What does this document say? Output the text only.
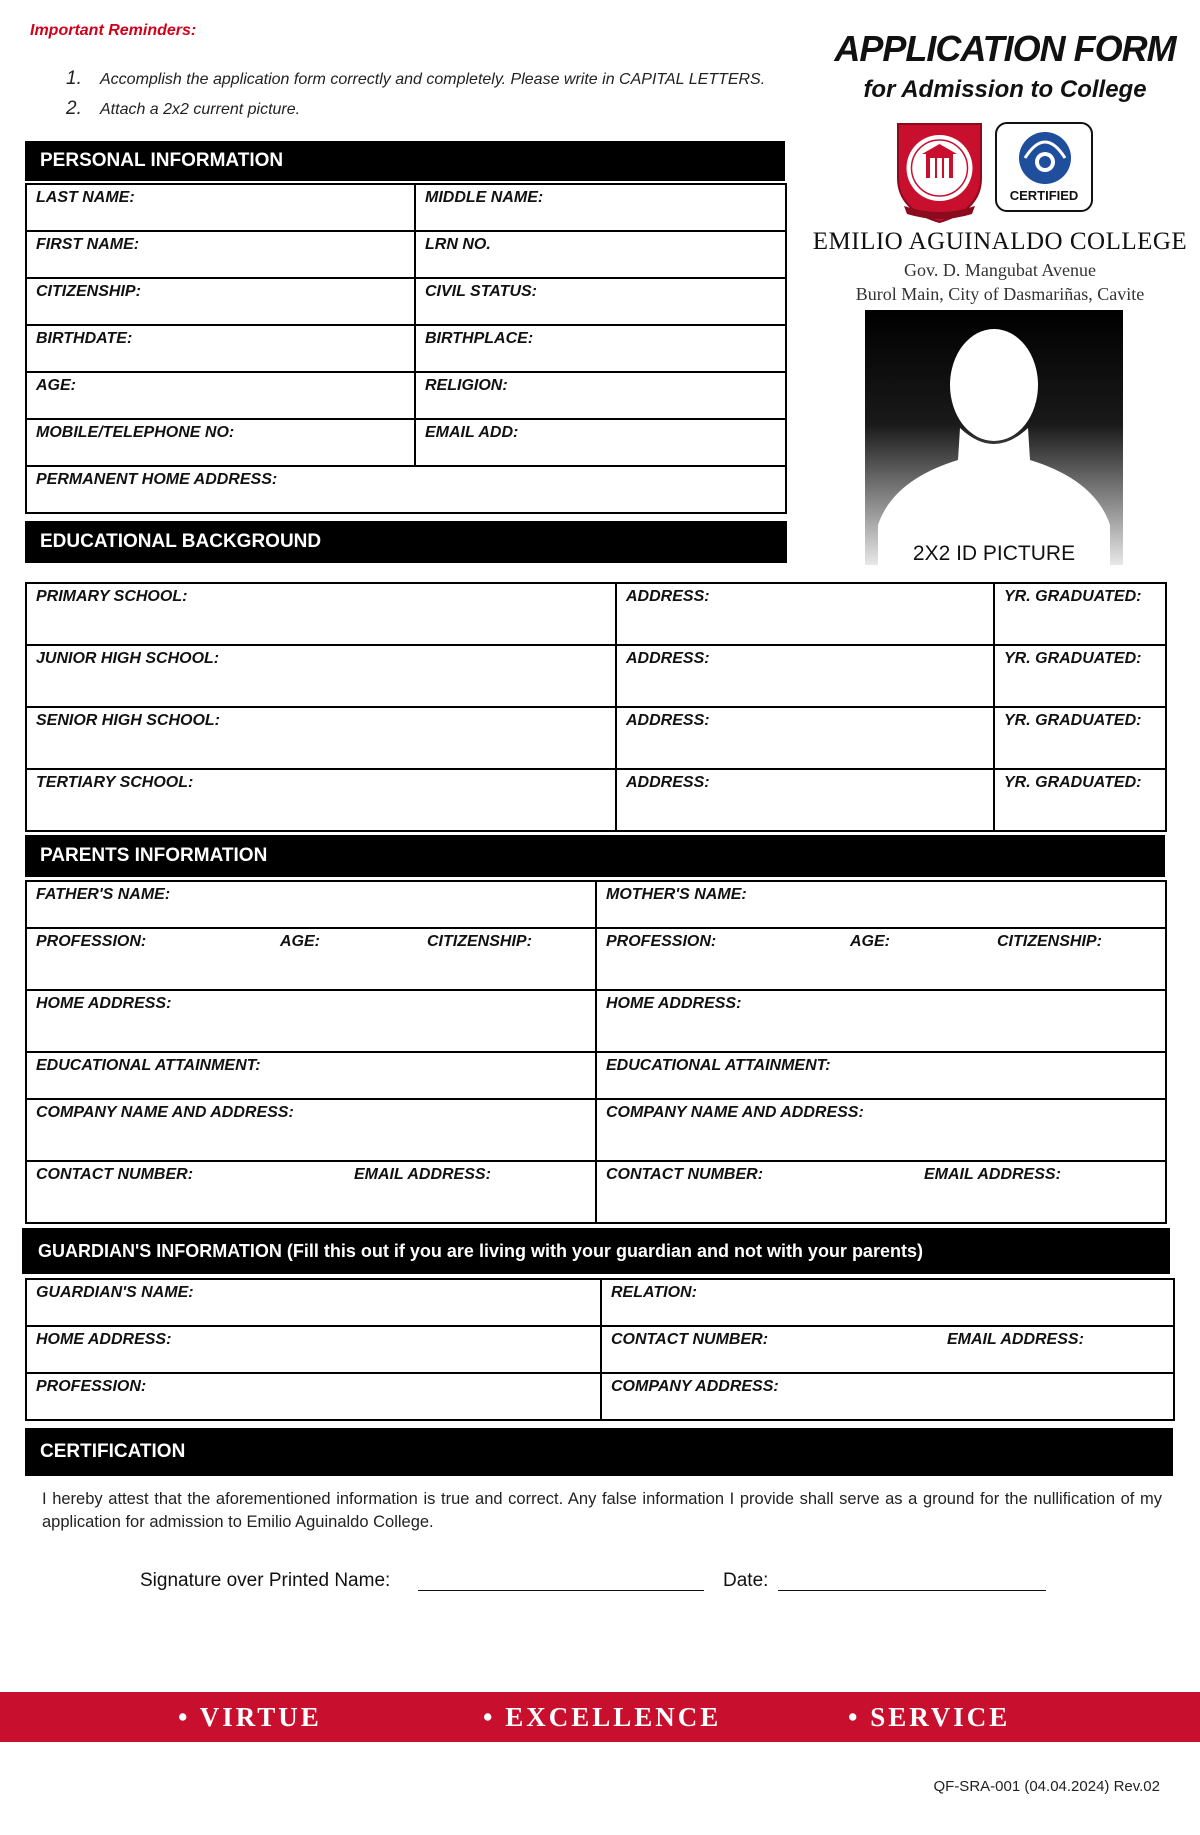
Important Reminders:
1. Accomplish the application form correctly and completely. Please write in CAPITAL LETTERS.
2. Attach a 2x2 current picture.
APPLICATION FORM
for Admission to College
CERTIFIED
EMILIO AGUINALDO COLLEGE
Gov. D. Mangubat Avenue
Burol Main, City of Dasmariñas, Cavite
2X2 ID PICTURE
PERSONAL INFORMATION
LAST NAME:	MIDDLE NAME:
FIRST NAME:	LRN NO.
CITIZENSHIP:	CIVIL STATUS:
BIRTHDATE:	BIRTHPLACE:
AGE:	RELIGION:
MOBILE/TELEPHONE NO:	EMAIL ADD:
PERMANENT HOME ADDRESS:	
EDUCATIONAL BACKGROUND
PRIMARY SCHOOL:	ADDRESS:	YR. GRADUATED:
JUNIOR HIGH SCHOOL:	ADDRESS:	YR. GRADUATED:
SENIOR HIGH SCHOOL:	ADDRESS:	YR. GRADUATED:
TERTIARY SCHOOL:	ADDRESS:	YR. GRADUATED:
PARENTS INFORMATION
FATHER'S NAME:	MOTHER'S NAME:
PROFESSION: AGE: CITIZENSHIP:	PROFESSION: AGE: CITIZENSHIP:
HOME ADDRESS:	HOME ADDRESS:
EDUCATIONAL ATTAINMENT:	EDUCATIONAL ATTAINMENT:
COMPANY NAME AND ADDRESS:	COMPANY NAME AND ADDRESS:
CONTACT NUMBER: EMAIL ADDRESS:	CONTACT NUMBER: EMAIL ADDRESS:
GUARDIAN'S INFORMATION (Fill this out if you are living with your guardian and not with your parents)
GUARDIAN'S NAME:	RELATION:
HOME ADDRESS:	CONTACT NUMBER: EMAIL ADDRESS:
PROFESSION:	COMPANY ADDRESS:
CERTIFICATION
I hereby attest that the aforementioned information is true and correct. Any false information I provide shall serve as a ground for the nullification of my application for admission to Emilio Aguinaldo College.
Signature over Printed Name:	Date:
• VIRTUE	• EXCELLENCE	• SERVICE
QF-SRA-001 (04.04.2024) Rev.02
